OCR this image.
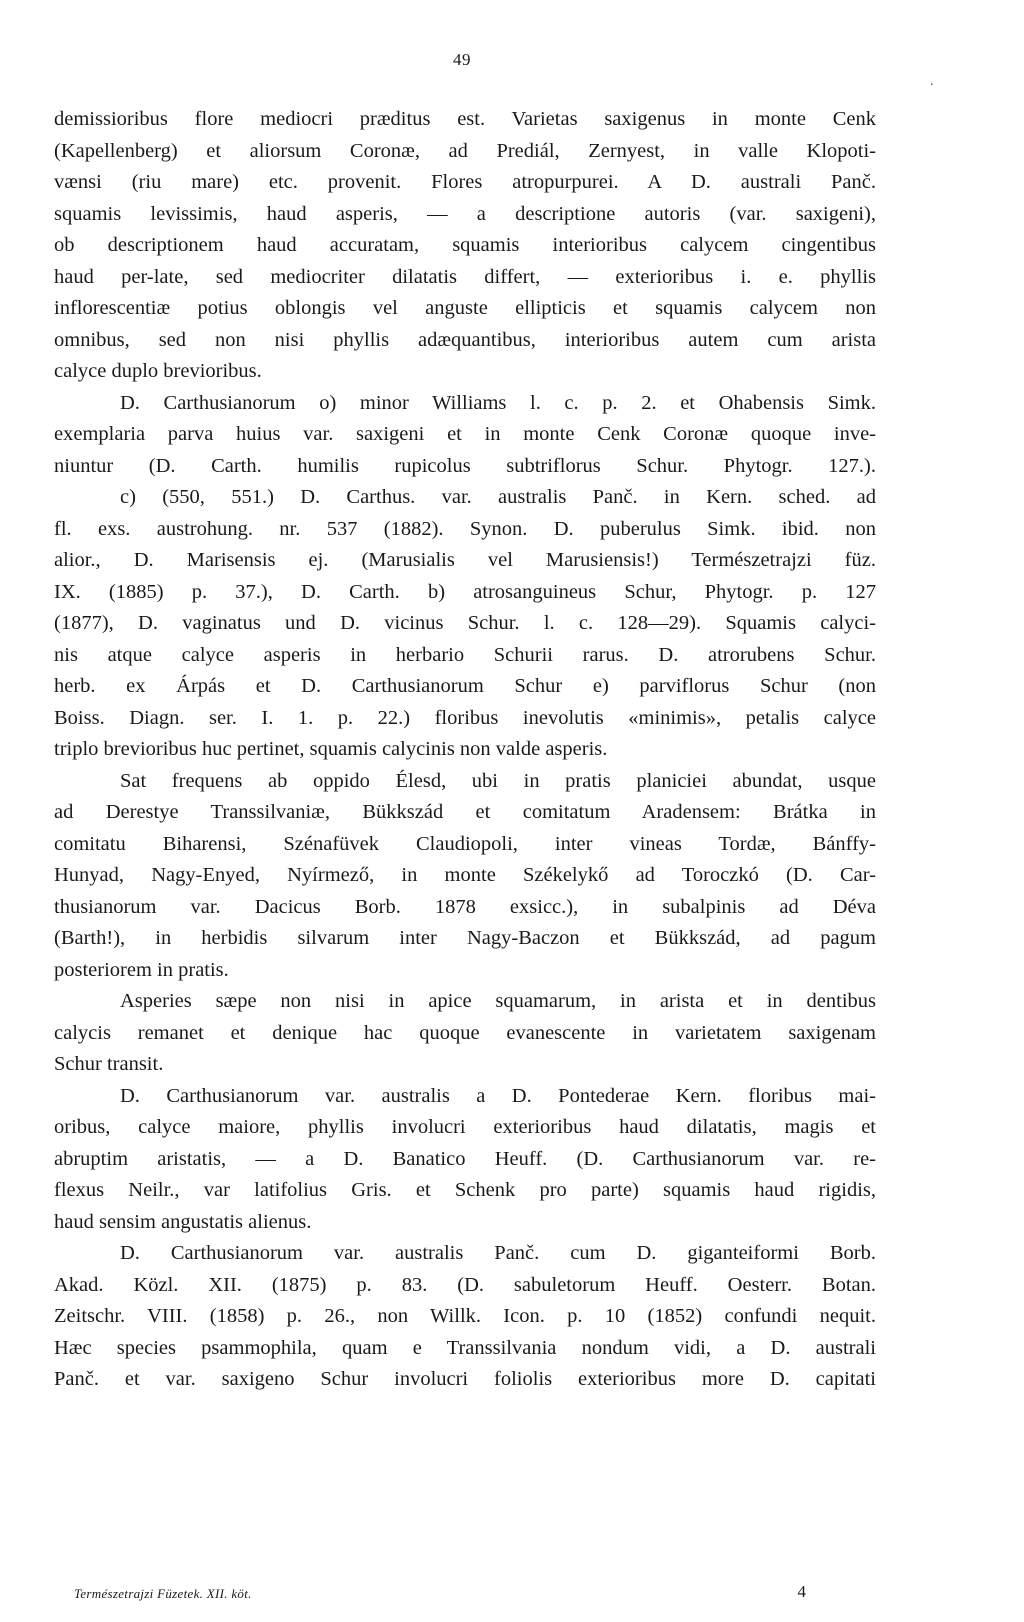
49
.
demissioribus flore mediocri præditus est. Varietas saxigenus in monte Cenk
(Kapellenberg) et aliorsum Coronæ, ad Prediál, Zernyest, in valle Klopoti-
vænsi (riu mare) etc. provenit. Flores atropurpurei. A D. australi Panč.
squamis levissimis, haud asperis, — a descriptione autoris (var. saxigeni),
ob descriptionem haud accuratam, squamis interioribus calycem cingentibus
haud per-late, sed mediocriter dilatatis differt, — exterioribus i. e. phyllis
inflorescentiæ potius oblongis vel anguste ellipticis et squamis calycem non
omnibus, sed non nisi phyllis adæquantibus, interioribus autem cum arista
calyce duplo brevioribus.
D. Carthusianorum o) minor Williams l. c. p. 2. et Ohabensis Simk.
exemplaria parva huius var. saxigeni et in monte Cenk Coronæ quoque inve-
niuntur (D. Carth. humilis rupicolus subtriflorus Schur. Phytogr. 127.).
c) (550, 551.) D. Carthus. var. australis Panč. in Kern. sched. ad
fl. exs. austrohung. nr. 537 (1882). Synon. D. puberulus Simk. ibid. non
alior., D. Marisensis ej. (Marusialis vel Marusiensis!) Természetrajzi füz.
IX. (1885) p. 37.), D. Carth. b) atrosanguineus Schur, Phytogr. p. 127
(1877), D. vaginatus und D. vicinus Schur. l. c. 128—29). Squamis calyci-
nis atque calyce asperis in herbario Schurii rarus. D. atrorubens Schur.
herb. ex Árpás et D. Carthusianorum Schur e) parviflorus Schur (non
Boiss. Diagn. ser. I. 1. p. 22.) floribus inevolutis «minimis», petalis calyce
triplo brevioribus huc pertinet, squamis calycinis non valde asperis.
Sat frequens ab oppido Élesd, ubi in pratis planiciei abundat, usque
ad Derestye Transsilvaniæ, Bükkszád et comitatum Aradensem: Brátka in
comitatu Biharensi, Szénafüvek Claudiopoli, inter vineas Tordæ, Bánffy-
Hunyad, Nagy-Enyed, Nyírmező, in monte Székelykő ad Toroczkó (D. Car-
thusianorum var. Dacicus Borb. 1878 exsicc.), in subalpinis ad Déva
(Barth!), in herbidis silvarum inter Nagy-Baczon et Bükkszád, ad pagum
posteriorem in pratis.
Asperies sæpe non nisi in apice squamarum, in arista et in dentibus
calycis remanet et denique hac quoque evanescente in varietatem saxigenam
Schur transit.
D. Carthusianorum var. australis a D. Pontederae Kern. floribus mai-
oribus, calyce maiore, phyllis involucri exterioribus haud dilatatis, magis et
abruptim aristatis, — a D. Banatico Heuff. (D. Carthusianorum var. re-
flexus Neilr., var latifolius Gris. et Schenk pro parte) squamis haud rigidis,
haud sensim angustatis alienus.
D. Carthusianorum var. australis Panč. cum D. giganteiformi Borb.
Akad. Közl. XII. (1875) p. 83. (D. sabuletorum Heuff. Oesterr. Botan.
Zeitschr. VIII. (1858) p. 26., non Willk. Icon. p. 10 (1852) confundi nequit.
Hæc species psammophila, quam e Transsilvania nondum vidi, a D. australi
Panč. et var. saxigeno Schur involucri foliolis exterioribus more D. capitati
Természetrajzi Füzetek. XII. köt.	4
